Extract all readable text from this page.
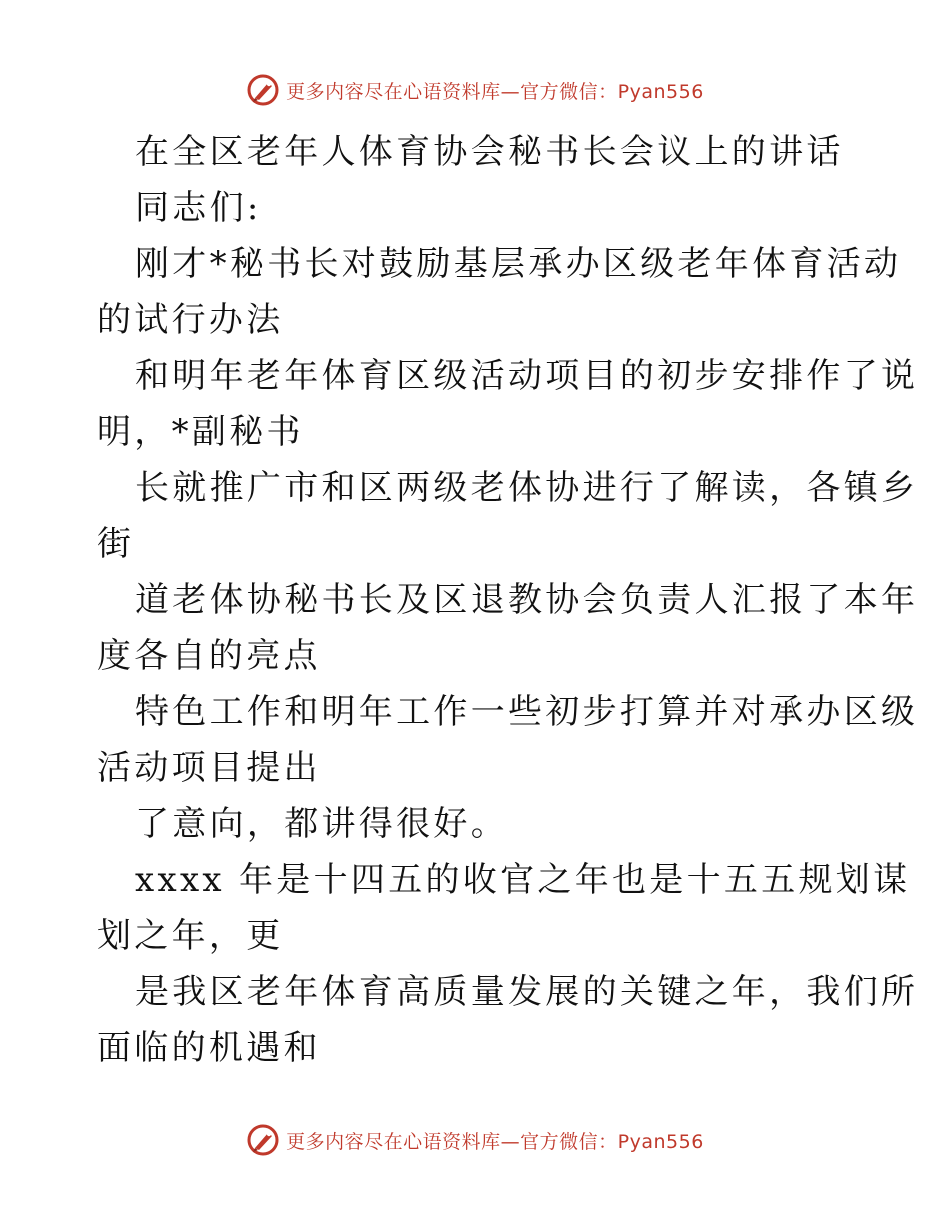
更多内容尽在心语资料库—官方微信：Pyan556

在全区老年人体育协会秘书长会议上的讲话

同志们:

刚才*秘书长对鼓励基层承办区级老年体育活动

的试行办法

和明年老年体育区级活动项目的初步安排作了说

明，*副秘书

长就推广市和区两级老体协进行了解读，各镇乡

街

道老体协秘书长及区退教协会负责人汇报了本年

度各自的亮点

特色工作和明年工作一些初步打算并对承办区级

活动项目提出

了意向，都讲得很好。

xxxx 年是十四五的收官之年也是十五五规划谋

划之年，更

是我区老年体育高质量发展的关键之年，我们所

面临的机遇和

更多内容尽在心语资料库—官方微信：Pyan556
